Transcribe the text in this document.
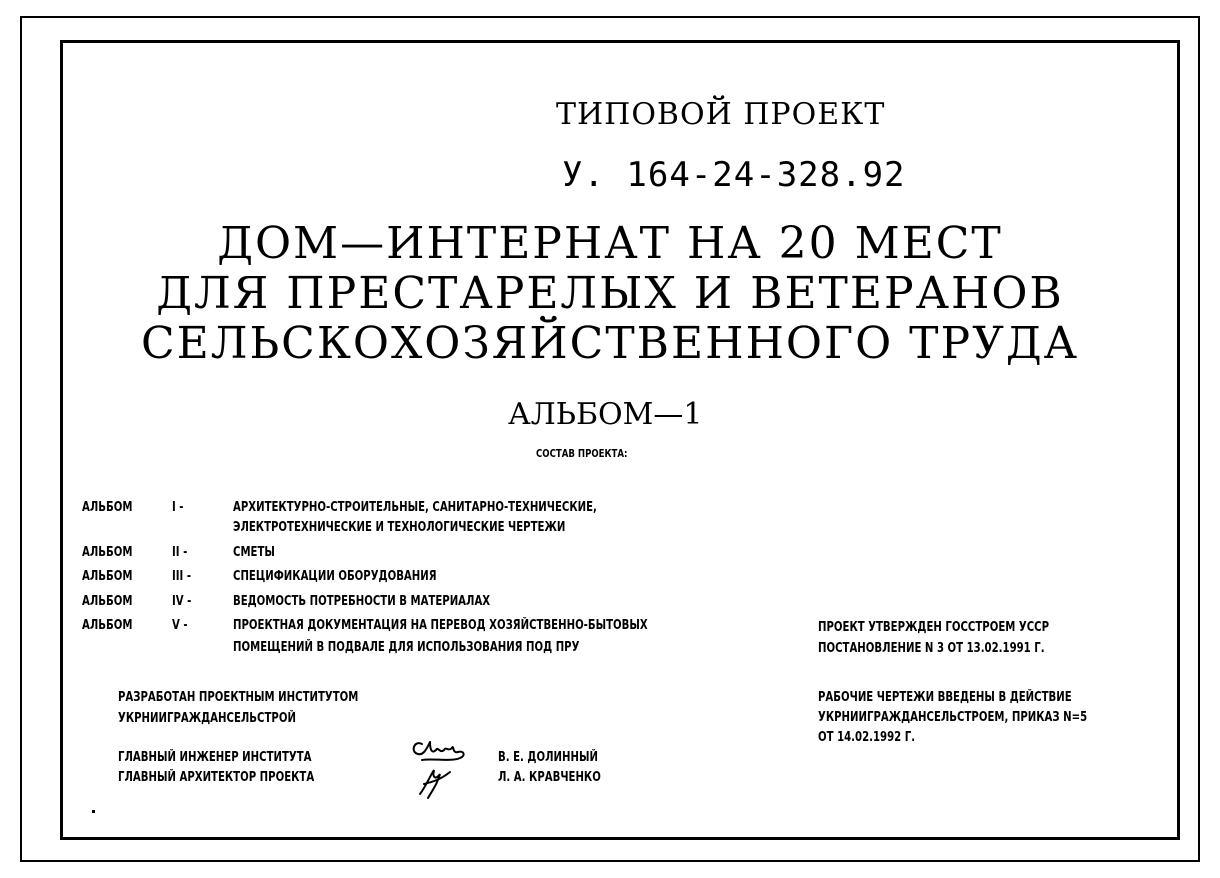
ТИПОВОЙ ПРОЕКТ
У. 164-24-328.92
ДОМ—ИНТЕРНАТ НА 20 МЕСТ
ДЛЯ ПРЕСТАРЕЛЫХ И ВЕТЕРАНОВ
СЕЛЬСКОХОЗЯЙСТВЕННОГО ТРУДА
АЛЬБОМ—1
СОСТАВ ПРОЕКТА:
АЛЬБОМ	I -	АРХИТЕКТУРНО-СТРОИТЕЛЬНЫЕ, САНИТАРНО-ТЕХНИЧЕСКИЕ,
ЭЛЕКТРОТЕХНИЧЕСКИЕ И ТЕХНОЛОГИЧЕСКИЕ ЧЕРТЕЖИ
АЛЬБОМ	II -	СМЕТЫ
АЛЬБОМ	III -	СПЕЦИФИКАЦИИ ОБОРУДОВАНИЯ
АЛЬБОМ	IV -	ВЕДОМОСТЬ ПОТРЕБНОСТИ В МАТЕРИАЛАХ
АЛЬБОМ	V -	ПРОЕКТНАЯ ДОКУМЕНТАЦИЯ НА ПЕРЕВОД ХОЗЯЙСТВЕННО-БЫТОВЫХ
ПОМЕЩЕНИЙ В ПОДВАЛЕ ДЛЯ ИСПОЛЬЗОВАНИЯ ПОД ПРУ
ПРОЕКТ УТВЕРЖДЕН ГОССТРОЕМ УССР
ПОСТАНОВЛЕНИЕ N 3 ОТ 13.02.1991 Г.
РАЗРАБОТАН ПРОЕКТНЫМ ИНСТИТУТОМ
УКРНИИГРАЖДАНСЕЛЬСТРОЙ
РАБОЧИЕ ЧЕРТЕЖИ ВВЕДЕНЫ В ДЕЙСТВИЕ
УКРНИИГРАЖДАНСЕЛЬСТРОЕМ, ПРИКАЗ N=5
ОТ 14.02.1992 Г.
ГЛАВНЫЙ ИНЖЕНЕР ИНСТИТУТА	В. Е. ДОЛИННЫЙ
ГЛАВНЫЙ АРХИТЕКТОР ПРОЕКТА	Л. А. КРАВЧЕНКО
